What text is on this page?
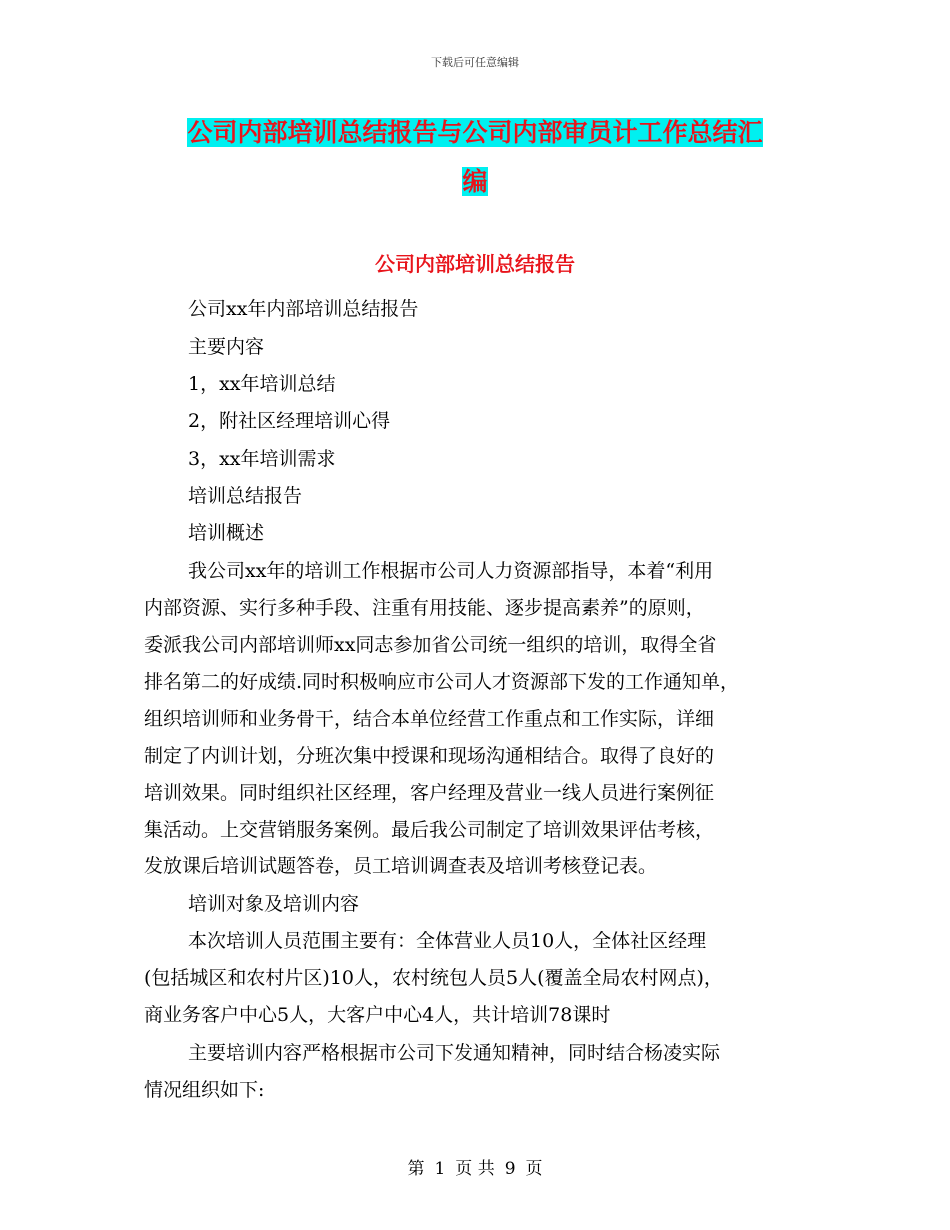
下载后可任意编辑
公司内部培训总结报告与公司内部审员计工作总结汇
编
公司内部培训总结报告
公司xx年内部培训总结报告
主要内容
1，xx年培训总结
2，附社区经理培训心得
3，xx年培训需求
培训总结报告
培训概述
我公司xx年的培训工作根据市公司人力资源部指导，本着“利用
内部资源、实行多种手段、注重有用技能、逐步提高素养”的原则，
委派我公司内部培训师xx同志参加省公司统一组织的培训，取得全省
排名第二的好成绩.同时积极响应市公司人才资源部下发的工作通知单，
组织培训师和业务骨干，结合本单位经营工作重点和工作实际，详细
制定了内训计划，分班次集中授课和现场沟通相结合。取得了良好的
培训效果。同时组织社区经理，客户经理及营业一线人员进行案例征
集活动。上交营销服务案例。最后我公司制定了培训效果评估考核，
发放课后培训试题答卷，员工培训调查表及培训考核登记表。
培训对象及培训内容
本次培训人员范围主要有：全体营业人员10人，全体社区经理
(包括城区和农村片区)10人，农村统包人员5人(覆盖全局农村网点)，
商业务客户中心5人，大客户中心4人，共计培训78课时
主要培训内容严格根据市公司下发通知精神，同时结合杨凌实际
情况组织如下:
第 1 页 共 9 页
